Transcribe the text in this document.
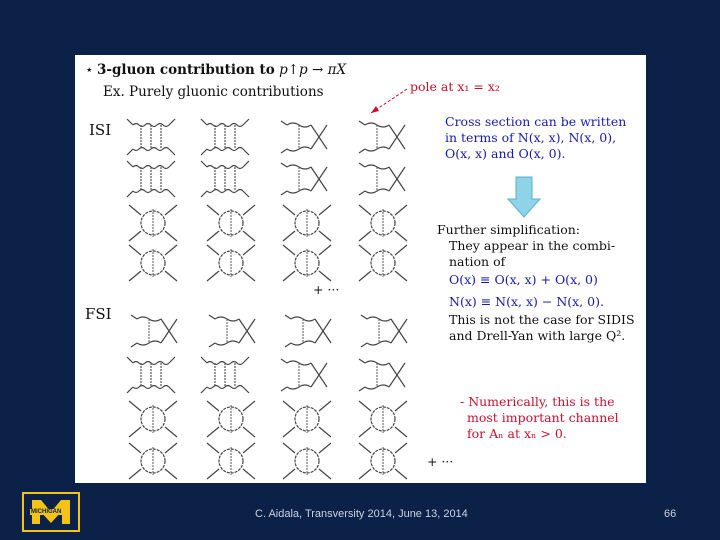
⋆ 3-gluon contribution to p↑p → πX
Ex. Purely gluonic contributions	pole at x₁ = x₂
ISI
FSI
+ ···
+ ···
Cross section can be written
in terms of N(x, x), N(x, 0),
O(x, x) and O(x, 0).
Further simplification:
They appear in the combi-
nation of
O(x) ≡ O(x, x) + O(x, 0)
N(x) ≡ N(x, x) − N(x, 0).
This is not the case for SIDIS
and Drell-Yan with large Q².
- Numerically, this is the
most important channel
for Aₙ at xₙ > 0.
MICHIGAN	C. Aidala, Transversity 2014, June 13, 2014	66
